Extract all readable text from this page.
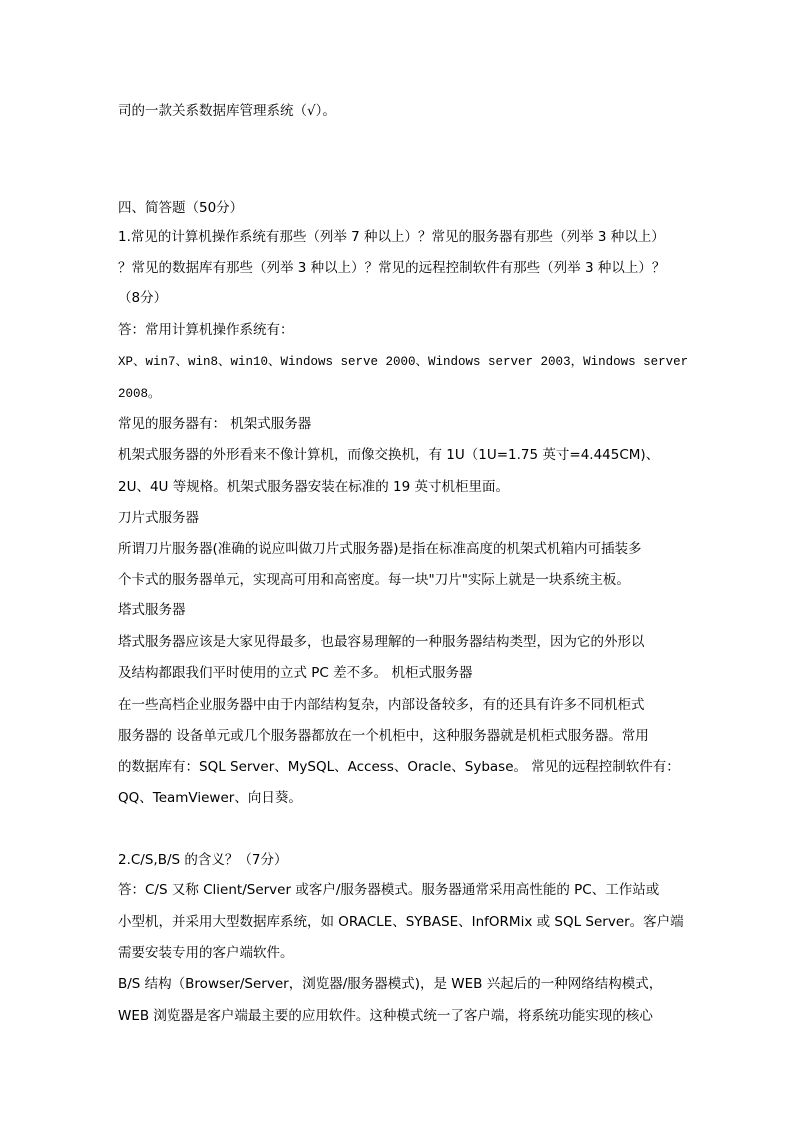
司的一款关系数据库管理系统（√）。
四、简答题（50分）
1.常见的计算机操作系统有那些（列举 7 种以上）？常见的服务器有那些（列举 3 种以上）
？常见的数据库有那些（列举 3 种以上）？常见的远程控制软件有那些（列举 3 种以上）？
（8分）
答：常用计算机操作系统有：
XP、win7、win8、win10、Windows serve 2000、Windows server 2003，Windows server
2008。
常见的服务器有： 机架式服务器
机架式服务器的外形看来不像计算机，而像交换机，有 1U（1U=1.75 英寸=4.445CM)、
2U、4U 等规格。机架式服务器安装在标准的 19 英寸机柜里面。
刀片式服务器
所谓刀片服务器(准确的说应叫做刀片式服务器)是指在标准高度的机架式机箱内可插装多
个卡式的服务器单元，实现高可用和高密度。每一块"刀片"实际上就是一块系统主板。
塔式服务器
塔式服务器应该是大家见得最多，也最容易理解的一种服务器结构类型，因为它的外形以
及结构都跟我们平时使用的立式 PC 差不多。 机柜式服务器
在一些高档企业服务器中由于内部结构复杂，内部设备较多，有的还具有许多不同机柜式
服务器的 设备单元或几个服务器都放在一个机柜中，这种服务器就是机柜式服务器。常用
的数据库有：SQL Server、MySQL、Access、Oracle、Sybase。 常见的远程控制软件有：
QQ、TeamViewer、向日葵。
2.C/S,B/S 的含义？（7分）
答：C/S 又称 Client/Server 或客户/服务器模式。服务器通常采用高性能的 PC、工作站或
小型机，并采用大型数据库系统，如 ORACLE、SYBASE、InfORMix 或 SQL Server。客户端
需要安装专用的客户端软件。
B/S 结构（Browser/Server，浏览器/服务器模式)，是 WEB 兴起后的一种网络结构模式，
WEB 浏览器是客户端最主要的应用软件。这种模式统一了客户端，将系统功能实现的核心
